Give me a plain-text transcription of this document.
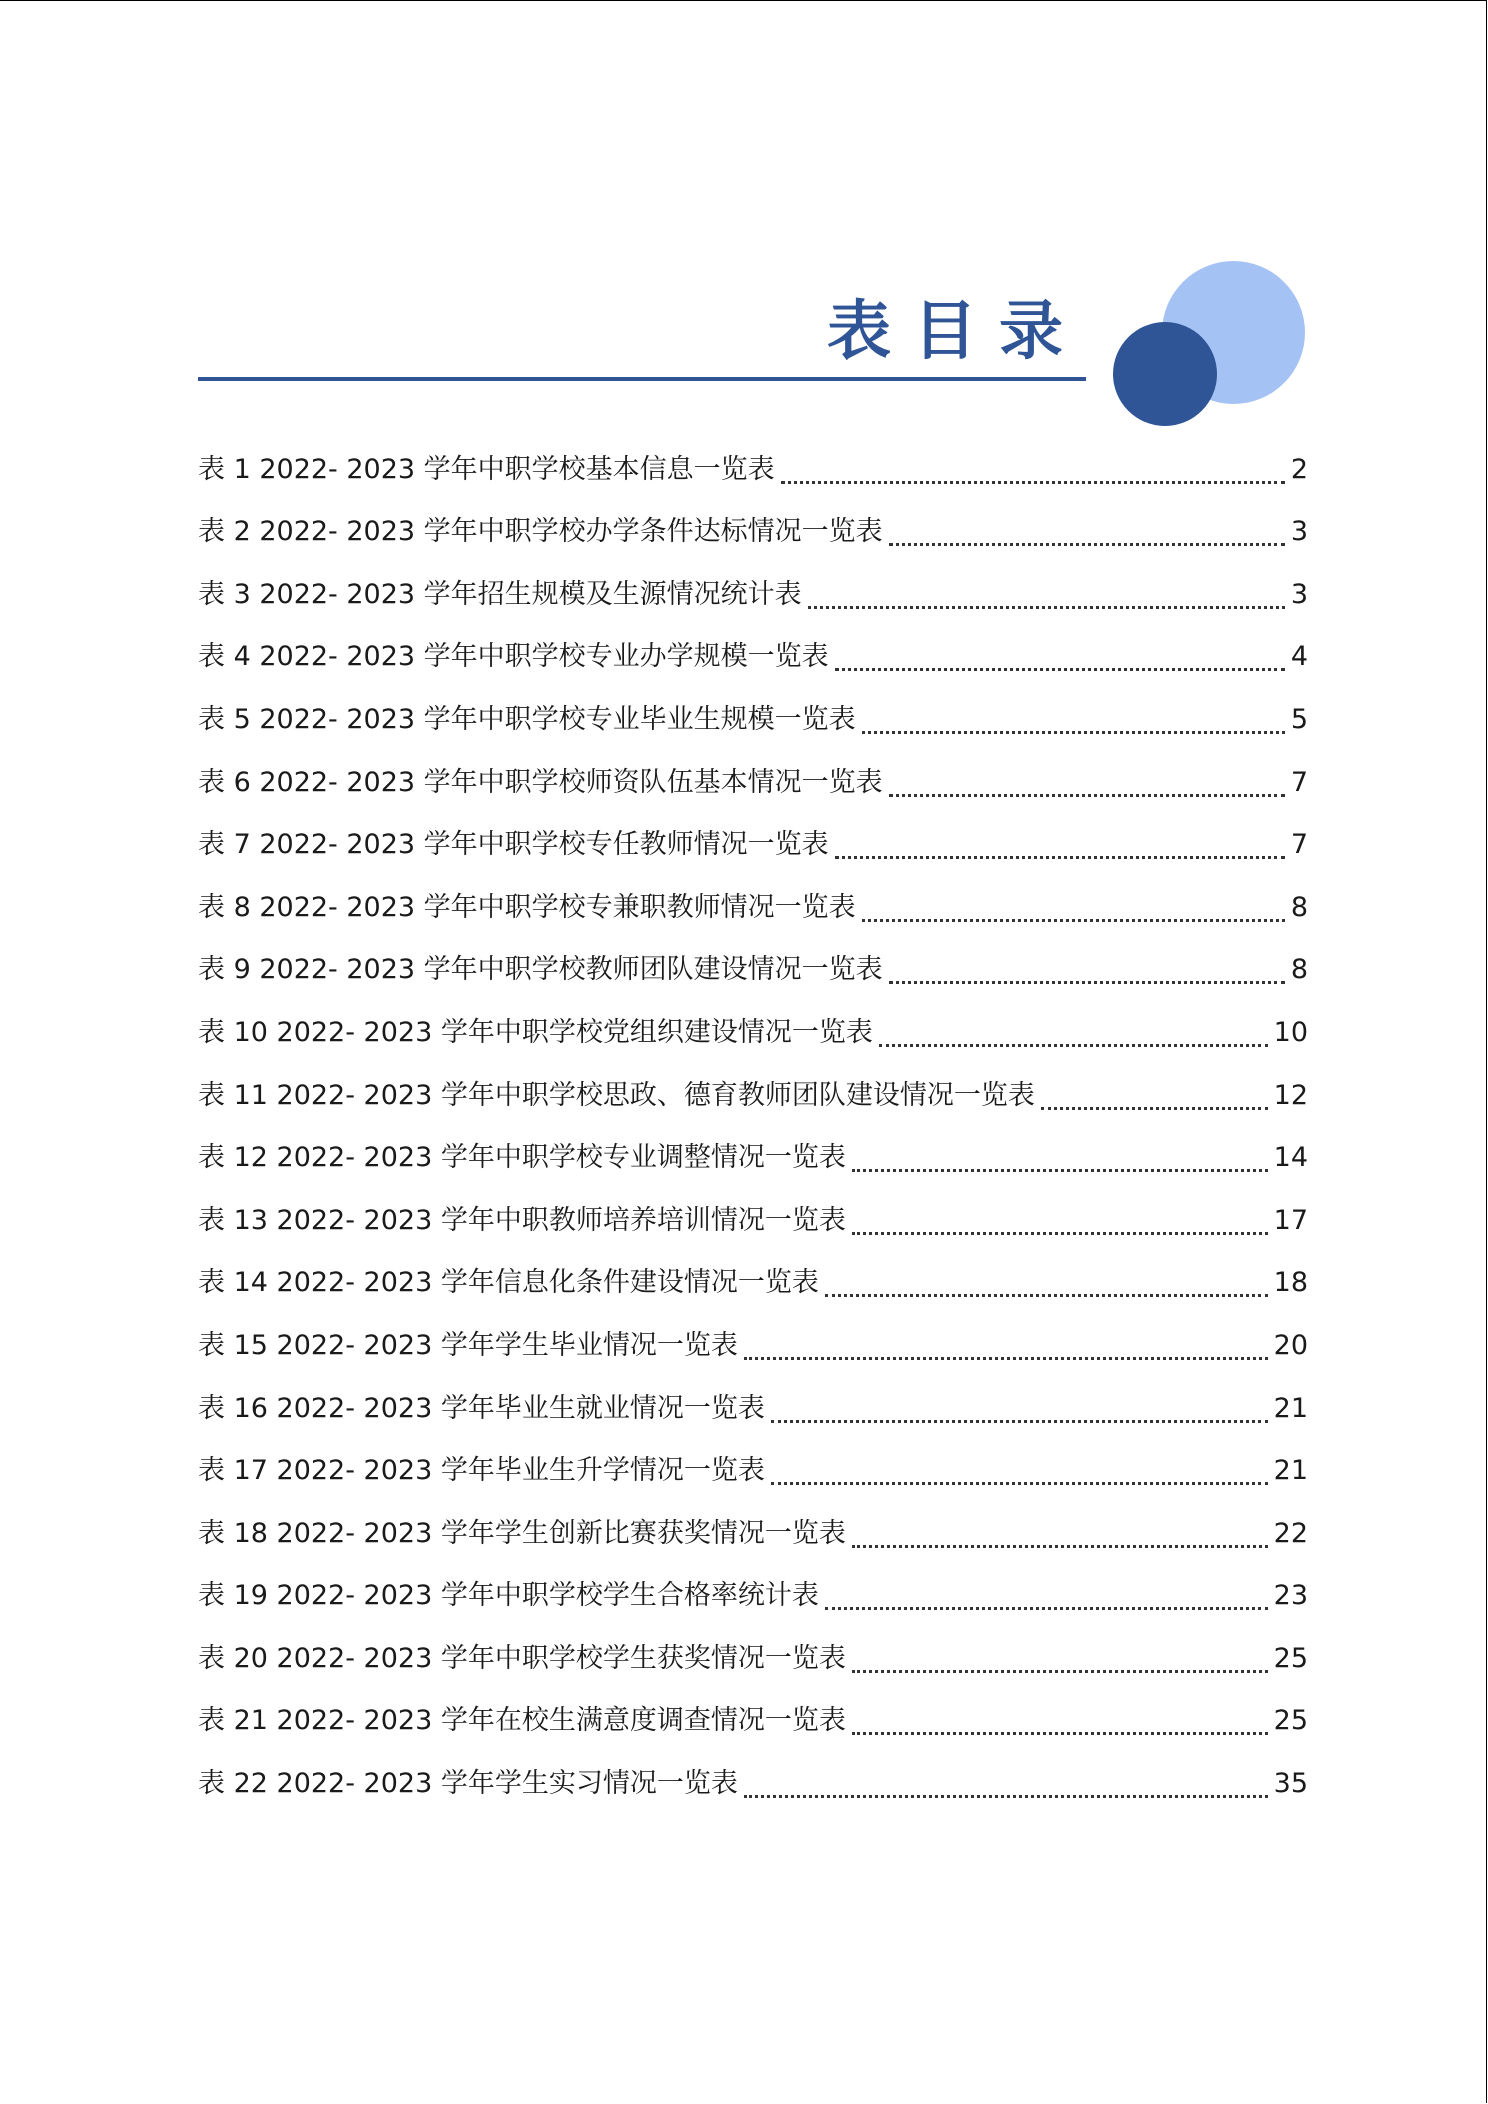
表目录
表 1 2022- 2023 学年中职学校基本信息一览表	2
表 2 2022- 2023 学年中职学校办学条件达标情况一览表	3
表 3 2022- 2023 学年招生规模及生源情况统计表	3
表 4 2022- 2023 学年中职学校专业办学规模一览表	4
表 5 2022- 2023 学年中职学校专业毕业生规模一览表	5
表 6 2022- 2023 学年中职学校师资队伍基本情况一览表	7
表 7 2022- 2023 学年中职学校专任教师情况一览表	7
表 8 2022- 2023 学年中职学校专兼职教师情况一览表	8
表 9 2022- 2023 学年中职学校教师团队建设情况一览表	8
表 10 2022- 2023 学年中职学校党组织建设情况一览表	10
表 11 2022- 2023 学年中职学校思政、德育教师团队建设情况一览表	12
表 12 2022- 2023 学年中职学校专业调整情况一览表	14
表 13 2022- 2023 学年中职教师培养培训情况一览表	17
表 14 2022- 2023 学年信息化条件建设情况一览表	18
表 15 2022- 2023 学年学生毕业情况一览表	20
表 16 2022- 2023 学年毕业生就业情况一览表	21
表 17 2022- 2023 学年毕业生升学情况一览表	21
表 18 2022- 2023 学年学生创新比赛获奖情况一览表	22
表 19 2022- 2023 学年中职学校学生合格率统计表	23
表 20 2022- 2023 学年中职学校学生获奖情况一览表	25
表 21 2022- 2023 学年在校生满意度调查情况一览表	25
表 22 2022- 2023 学年学生实习情况一览表	35
